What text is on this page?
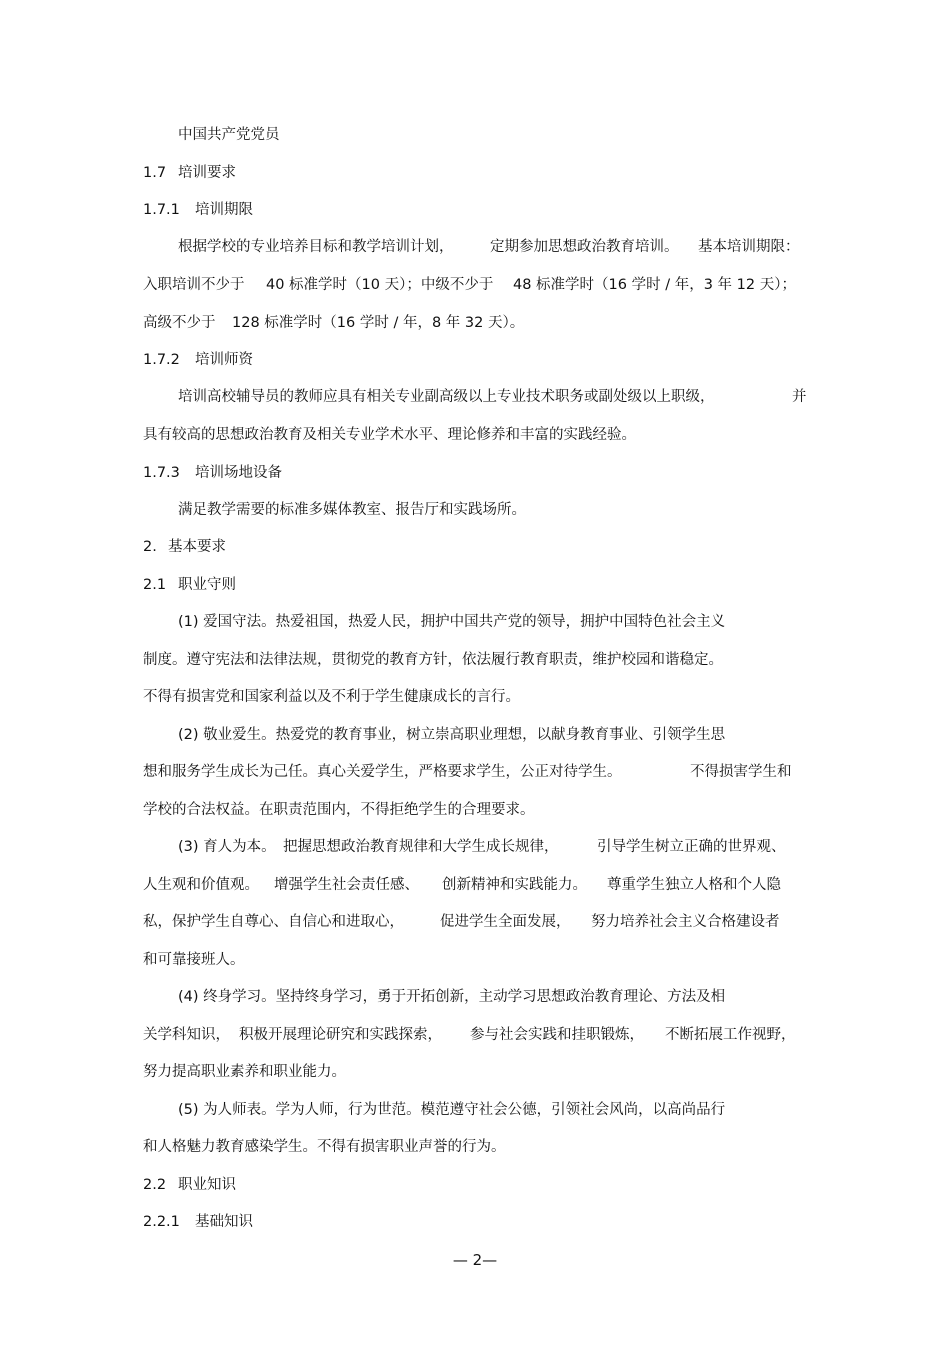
中国共产党党员
1.7 培训要求
1.7.1 培训期限
根据学校的专业培养目标和教学培训计划，	定期参加思想政治教育培训。 基本培训期限：
入职培训不少于 40 标准学时（10 天）；中级不少于 48 标准学时（16 学时 / 年，3 年 12 天）；
高级不少于 128 标准学时（16 学时 / 年，8 年 32 天）。
1.7.2 培训师资
培训高校辅导员的教师应具有相关专业副高级以上专业技术职务或副处级以上职级，	并
具有较高的思想政治教育及相关专业学术水平、理论修养和丰富的实践经验。
1.7.3 培训场地设备
满足教学需要的标准多媒体教室、报告厅和实践场所。
2. 基本要求
2.1 职业守则
(1) 爱国守法。热爱祖国，热爱人民，拥护中国共产党的领导，拥护中国特色社会主义
制度。遵守宪法和法律法规，贯彻党的教育方针，依法履行教育职责，维护校园和谐稳定。
不得有损害党和国家利益以及不利于学生健康成长的言行。
(2) 敬业爱生。热爱党的教育事业，树立崇高职业理想，以献身教育事业、引领学生思
想和服务学生成长为己任。真心关爱学生，严格要求学生，公正对待学生。	不得损害学生和
学校的合法权益。在职责范围内，不得拒绝学生的合理要求。
(3) 育人为本。 把握思想政治教育规律和大学生成长规律，	引导学生树立正确的世界观、
人生观和价值观。 增强学生社会责任感、 创新精神和实践能力。 尊重学生独立人格和个人隐
私，保护学生自尊心、自信心和进取心， 促进学生全面发展， 努力培养社会主义合格建设者
和可靠接班人。
(4) 终身学习。坚持终身学习，勇于开拓创新，主动学习思想政治教育理论、方法及相
关学科知识， 积极开展理论研究和实践探索， 参与社会实践和挂职锻炼， 不断拓展工作视野，
努力提高职业素养和职业能力。
(5) 为人师表。学为人师，行为世范。模范遵守社会公德，引领社会风尚，以高尚品行
和人格魅力教育感染学生。不得有损害职业声誉的行为。
2.2 职业知识
2.2.1 基础知识
— 2—
